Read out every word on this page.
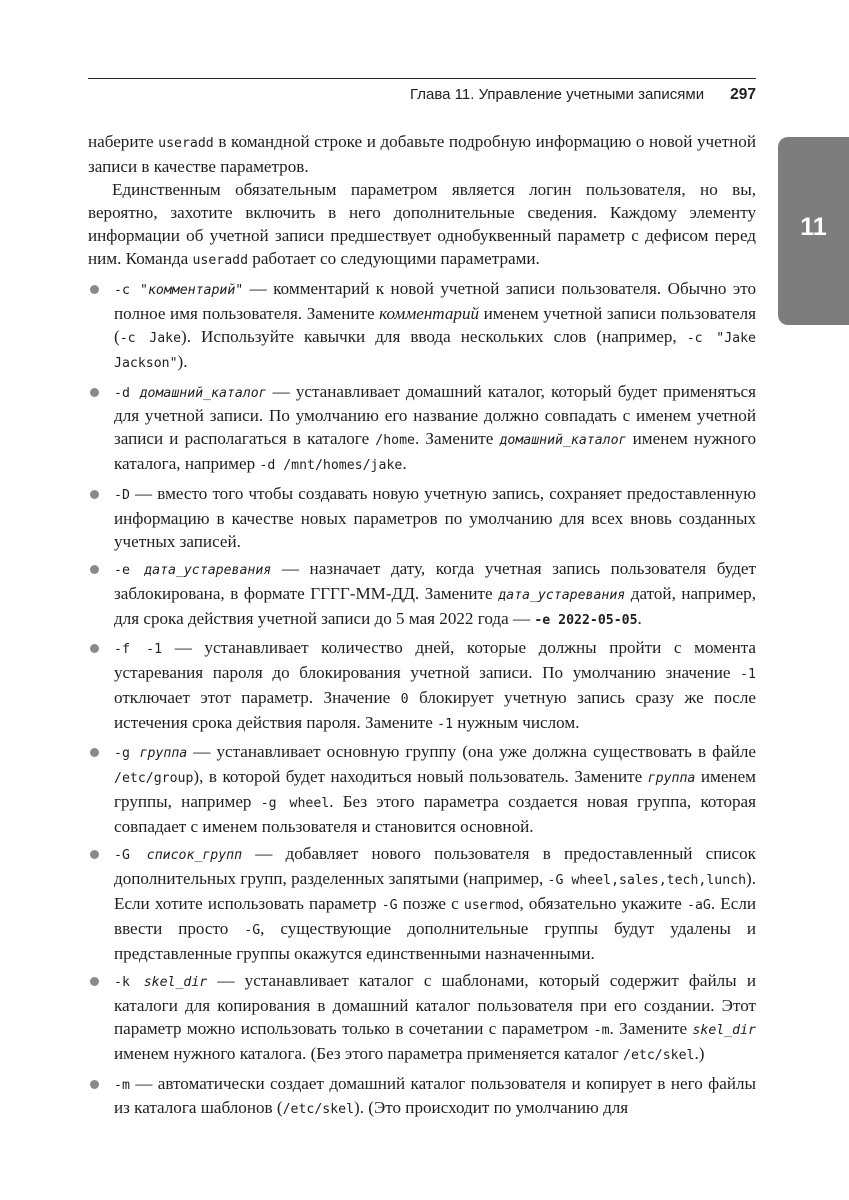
Глава 11. Управление учетными записями 297
11

наберите useradd в командной строке и добавьте подробную информацию о новой учетной записи в качестве параметров.

Единственным обязательным параметром является логин пользователя, но вы, вероятно, захотите включить в него дополнительные сведения. Каждому элементу информации об учетной записи предшествует однобуквенный параметр с дефисом перед ним. Команда useradd работает со следующими параметрами.

-c "комментарий" — комментарий к новой учетной записи пользователя. Обычно это полное имя пользователя. Замените комментарий именем учетной записи пользователя (-c Jake). Используйте кавычки для ввода нескольких слов (например, -c "Jake Jackson").
-d домашний_каталог — устанавливает домашний каталог, который будет применяться для учетной записи. По умолчанию его название должно совпадать с именем учетной записи и располагаться в каталоге /home. Замените домашний_каталог именем нужного каталога, например -d /mnt/homes/jake.
-D — вместо того чтобы создавать новую учетную запись, сохраняет предоставленную информацию в качестве новых параметров по умолчанию для всех вновь созданных учетных записей.
-e дата_устаревания — назначает дату, когда учетная запись пользователя будет заблокирована, в формате ГГГГ-ММ-ДД. Замените дата_устаревания датой, например, для срока действия учетной записи до 5 мая 2022 года — -e 2022-05-05.
-f -1 — устанавливает количество дней, которые должны пройти с момента устаревания пароля до блокирования учетной записи. По умолчанию значение -1 отключает этот параметр. Значение 0 блокирует учетную запись сразу же после истечения срока действия пароля. Замените -1 нужным числом.
-g группа — устанавливает основную группу (она уже должна существовать в файле /etc/group), в которой будет находиться новый пользователь. Замените группа именем группы, например -g wheel. Без этого параметра создается новая группа, которая совпадает с именем пользователя и становится основной.
-G список_групп — добавляет нового пользователя в предоставленный список дополнительных групп, разделенных запятыми (например, -G wheel,sales,tech,lunch). Если хотите использовать параметр -G позже с usermod, обязательно укажите -aG. Если ввести просто -G, существующие дополнительные группы будут удалены и представленные группы окажутся единственными назначенными.
-k skel_dir — устанавливает каталог с шаблонами, который содержит файлы и каталоги для копирования в домашний каталог пользователя при его создании. Этот параметр можно использовать только в сочетании с параметром -m. Замените skel_dir именем нужного каталога. (Без этого параметра применяется каталог /etc/skel.)
-m — автоматически создает домашний каталог пользователя и копирует в него файлы из каталога шаблонов (/etc/skel). (Это происходит по умолчанию для
